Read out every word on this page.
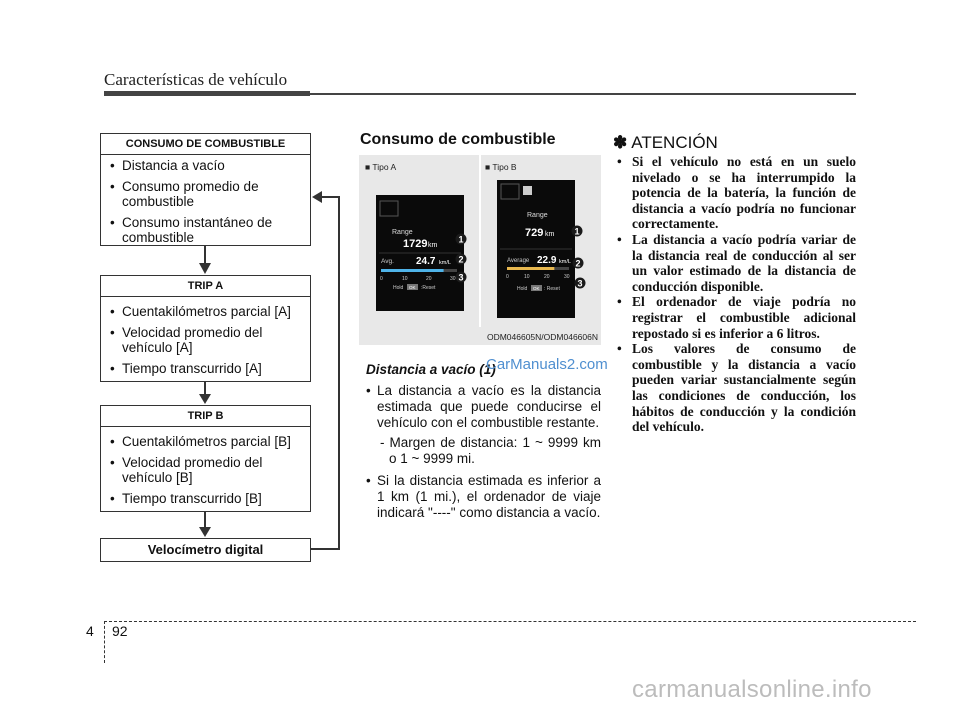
Características de vehículo
CONSUMO DE COMBUSTIBLE
• Distancia a vacío
• Consumo promedio de combustible
• Consumo instantáneo de combustible
TRIP A
• Cuentakilómetros parcial [A]
• Velocidad promedio del vehículo [A]
• Tiempo transcurrido [A]
TRIP B
• Cuentakilómetros parcial [B]
• Velocidad promedio del vehículo [B]
• Tiempo transcurrido [B]
Velocímetro digital
Consumo de combustible
■ Tipo A	■ Tipo B
Range
1729 km
Avg. 24.7 km/L
0	10	20	30
Hold OK :Reset
Range
729 km
Average 22.9 km/L
0	10	20	30
Hold OK : Reset
1
2
3
1
2
3
ODM046605N/ODM046606N
Distancia a vacío (1)
CarManuals2.com

• La distancia a vacío es la distancia estimada que puede conducirse el vehículo con el combustible restante.

- Margen de distancia: 1 ~ 9999 km o 1 ~ 9999 mi.

• Si la distancia estimada es inferior a 1 km (1 mi.), el ordenador de viaje indicará "----" como distancia a vacío.

✽ ATENCIÓN
• Si el vehículo no está en un suelo nivelado o se ha interrumpido la potencia de la batería, la función de distancia a vacío podría no funcionar correctamente.
• La distancia a vacío podría variar de la distancia real de conducción al ser un valor estimado de la distancia de conducción disponible.
• El ordenador de viaje podría no registrar el combustible adicional repostado si es inferior a 6 litros.
• Los valores de consumo de combustible y la distancia a vacío pueden variar sustancialmente según las condiciones de conducción, los hábitos de conducción y la condición del vehículo.
4 92
carmanualsonline.info
